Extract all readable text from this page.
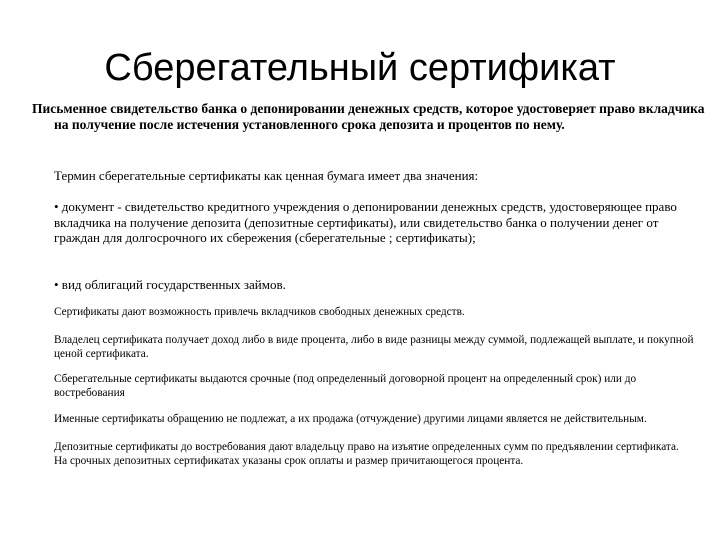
Сберегательный сертификат
Письменное свидетельство банка о депонировании денежных средств, которое удостоверяет право вкладчика на получение после истечения установленного срока депозита и процентов по нему.
Термин сберегательные сертификаты как ценная бумага имеет два значения:
• документ - свидетельство кредитного учреждения о депонировании денежных средств, удостоверяющее право вкладчика на получение депозита (депозитные сертификаты), или свидетельство банка о получении денег от граждан для долгосрочного их сбережения (сберегательные ; сертификаты);
• вид облигаций государственных займов.
Сертификаты дают возможность привлечь вкладчиков свободных денежных средств.
Владелец сертификата получает доход либо в виде процента, либо в виде разницы между суммой, подлежащей выплате, и покупной ценой сертификата.
Сберегательные сертификаты выдаются срочные (под определенный договорной процент на определенный срок) или до востребования
Именные сертификаты обращению не подлежат, а их продажа (отчуждение) другими лицами является не действительным.
Депозитные сертификаты до востребования дают владельцу право на изъятие определенных сумм по предъявлении сертификата. На срочных депозитных сертификатах указаны срок оплаты и размер причитающегося процента.
